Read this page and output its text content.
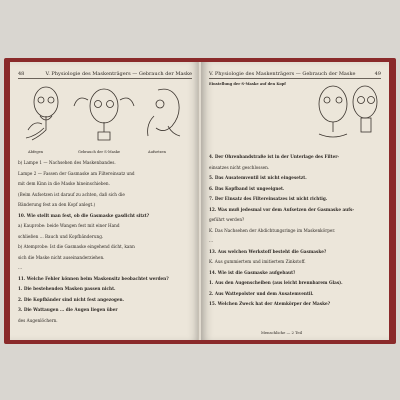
48	V. Physiologie des Maskenträgers — Gebrauch der Maske
Abfegen	Gebrauch der S-Maske	Aufsetzen
b) Lampe 1 — Nachsehen des Maskenbandes.
Lampe 2 — Fassen der Gasmaske am Filtereinsatz und
mit dem Kinn in die Maske hineinschieben.
(Beim Aufsetzen ist darauf zu achten, daß sich die
Bänderung fest an den Kopf anlegt.)
10. Wie stellt man fest, ob die Gasmaske gasdicht sitzt?
a) Kauprobe: beide Wangen fest mit einer Hand
schließen ... Bauch und Kopfbänderung.
b) Atemprobe: Ist die Gasmaske eingehend dicht, kann
sich die Maske nicht auseinanderziehen.
...
11. Welche Fehler können beim Maskensitz beobachtet werden?
1. Die bestehenden Masken passen nicht.
2. Die Kopfbänder sind nicht fest angezogen.
3. Die Wattaugen ... die Augen liegen über
des Augenlöchern.
V. Physiologie des Maskenträgers — Gebrauch der Maske	49
Einstellung der S-Maske auf den Kopf
4. Der Ohrenbandstraße ist in der Unterlage des Filter-
einsatzes nicht geschlossen.
5. Das Ausatemventil ist nicht eingesetzt.
6. Das Kopfband ist ungeeignet.
7. Der Einsatz des Filtereinsatzes ist nicht richtig.
12. Was muß jedesmal vor dem Aufsetzen der Gasmaske aufs-
geführt werden?
K. Das Nachsehen der Abdichtungsringe im Maskenkörper.
...
13. Aus welchen Werkstoff besteht die Gasmaske?
K. Aus gummiertem und imitiertem Zinkstoff.
14. Wie ist die Gasmaske aufgebaut?
1. Aus den Augenscheiben (aus leicht brennbarem Glas).
2. Aus Wattepolster und dem Ausatemventil.
15. Welchen Zweck hat der Atemkörper der Maske?
Menschliche — 2 Teil
